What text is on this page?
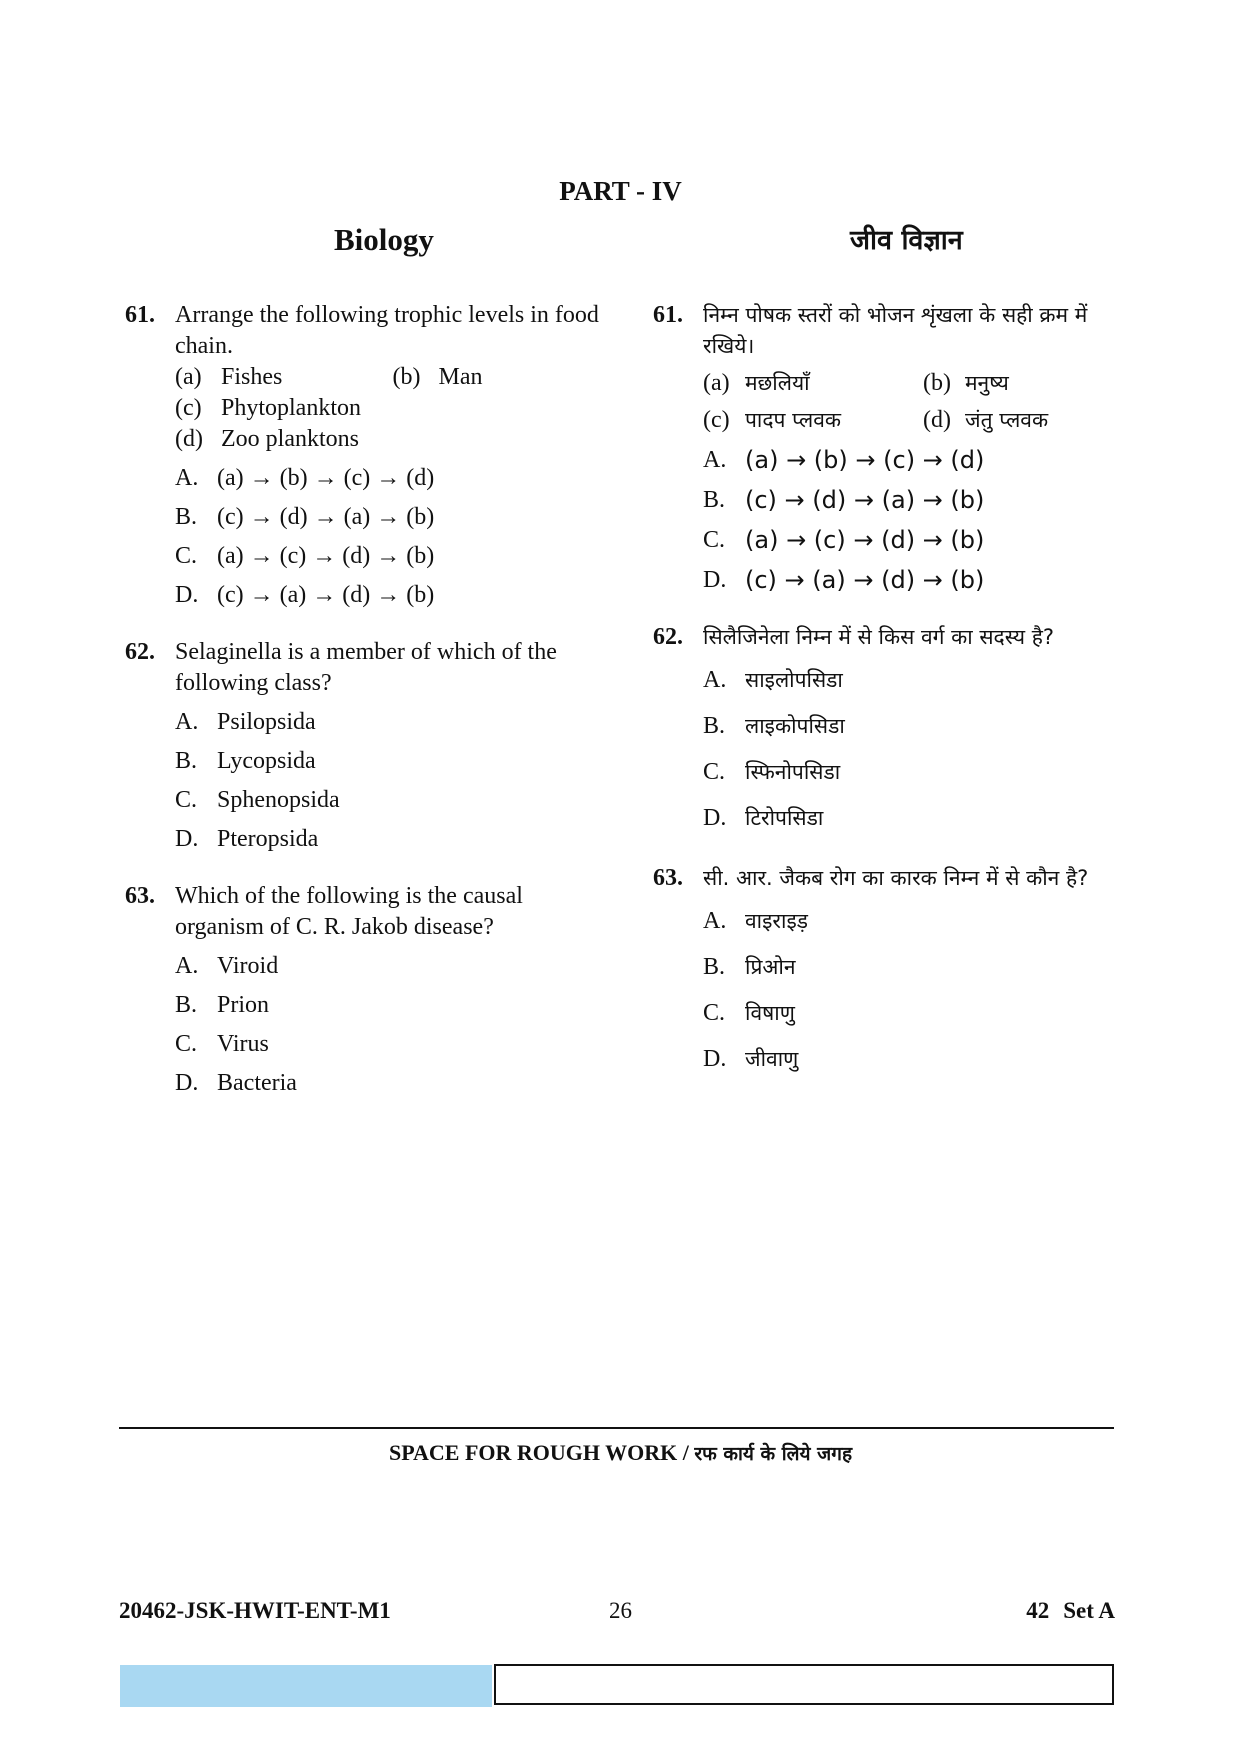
PART - IV
Biology	जीव विज्ञान
61. Arrange the following trophic levels in food chain.

(a) Fishes	(b) Man
(c) Phytoplankton
(d) Zoo planktons
A. (a) → (b) → (c) → (d)
B. (c) → (d) → (a) → (b)
C. (a) → (c) → (d) → (b)
D. (c) → (a) → (d) → (b)
62. Selaginella is a member of which of the following class?

A. Psilopsida
B. Lycopsida
C. Sphenopsida
D. Pteropsida
63. Which of the following is the causal organism of C. R. Jakob disease?

A. Viroid
B. Prion
C. Virus
D. Bacteria
61. निम्न पोषक स्तरों को भोजन शृंखला के सही क्रम में रखिये।

(a) मछलियाँ	(b) मनुष्य
(c) पादप प्लवक	(d) जंतु प्लवक
A. (a) → (b) → (c) → (d)
B. (c) → (d) → (a) → (b)
C. (a) → (c) → (d) → (b)
D. (c) → (a) → (d) → (b)
62. सिलैजिनेला निम्न में से किस वर्ग का सदस्य है?

A. साइलोपसिडा
B. लाइकोपसिडा
C. स्फिनोपसिडा
D. टिरोपसिडा
63. सी. आर. जैकब रोग का कारक निम्न में से कौन है?

A. वाइराइड़
B. प्रिओन
C. विषाणु
D. जीवाणु
SPACE FOR ROUGH WORK / रफ कार्य के लिये जगह
20462-JSK-HWIT-ENT-M1	26	42 Set A
